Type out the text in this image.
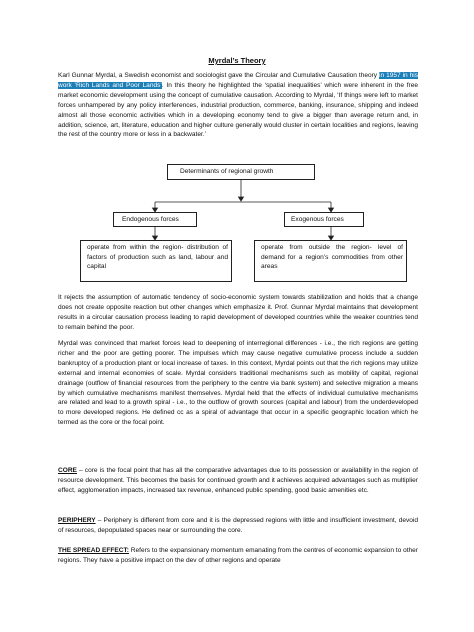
Myrdal’s Theory

Karl Gunnar Myrdal, a Swedish economist and sociologist gave the Circular and Cumulative Causation theory in 1957 in his work ‘Rich Lands and Poor Lands’. In this theory he highlighted the ‘spatial inequalities’ which were inherent in the free market economic development using the concept of cumulative causation. According to Myrdal, ‘If things were left to market forces unhampered by any policy interferences, industrial production, commerce, banking, insurance, shipping and indeed almost all those economic activities which in a developing economy tend to give a bigger than average return and, in addition, science, art, literature, education and higher culture generally would cluster in certain localities and regions, leaving the rest of the country more or less in a backwater.’

Determinants of regional growth
Endogenous forces	Exogenous forces
operate from within the region- distribution of factors of production such as land, labour and capital
operate from outside the region- level of demand for a region’s commodities from other areas

It rejects the assumption of automatic tendency of socio-economic system towards stabilization and holds that a change does not create opposite reaction but other changes which emphasize it. Prof. Gunnar Myrdal maintains that development results in a circular causation process leading to rapid development of developed countries while the weaker countries tend to remain behind the poor.

Myrdal was convinced that market forces lead to deepening of interregional differences - i.e., the rich regions are getting richer and the poor are getting poorer. The impulses which may cause negative cumulative process include a sudden bankruptcy of a production plant or local increase of taxes. In this context, Myrdal points out that the rich regions may utilize external and internal economies of scale. Myrdal considers traditional mechanisms such as mobility of capital, regional drainage (outflow of financial resources from the periphery to the centre via bank system) and selective migration a means by which cumulative mechanisms manifest themselves. Myrdal held that the effects of individual cumulative mechanisms are related and lead to a growth spiral - i.e., to the outflow of growth sources (capital and labour) from the underdeveloped to more developed regions. He defined cc as a spiral of advantage that occur in a specific geographic location which he termed as the core or the focal point.

CORE – core is the focal point that has all the comparative advantages due to its possession or availability in the region of resource development. This becomes the basis for continued growth and it achieves acquired advantages such as multiplier effect, agglomeration impacts, increased tax revenue, enhanced public spending, good basic amenities etc.

PERIPHERY – Periphery is different from core and it is the depressed regions with little and insufficient investment, devoid of resources, depopulated spaces near or surrounding the core.

THE SPREAD EFFECT: Refers to the expansionary momentum emanating from the centres of economic expansion to other regions. They have a positive impact on the dev of other regions and operate
